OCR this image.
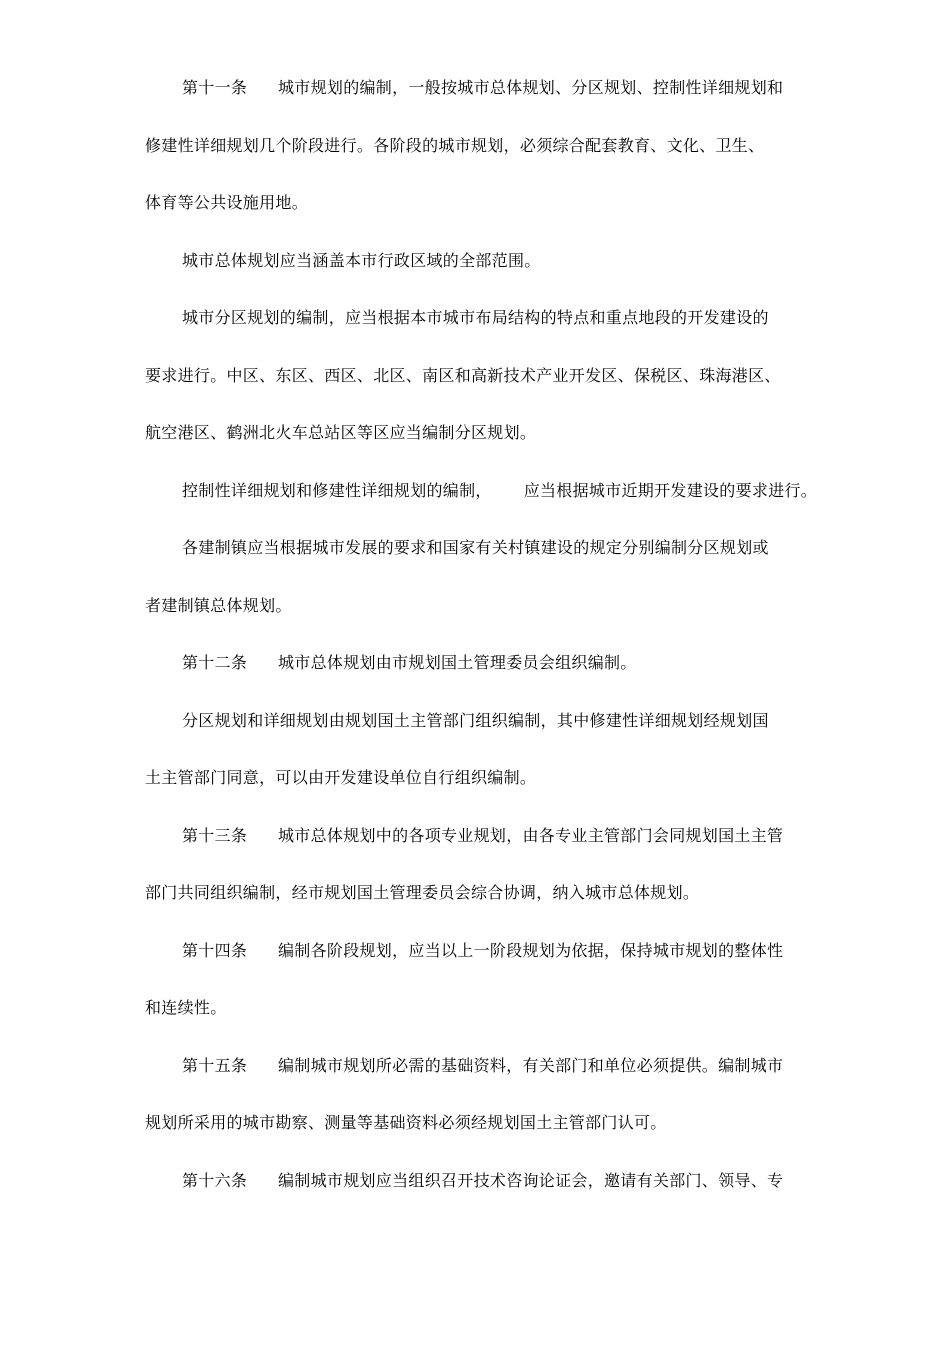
第十一条 城市规划的编制，一般按城市总体规划、分区规划、控制性详细规划和
修建性详细规划几个阶段进行。各阶段的城市规划，必须综合配套教育、文化、卫生、
体育等公共设施用地。
城市总体规划应当涵盖本市行政区域的全部范围。
城市分区规划的编制，应当根据本市城市布局结构的特点和重点地段的开发建设的
要求进行。中区、东区、西区、北区、南区和高新技术产业开发区、保税区、珠海港区、
航空港区、鹤洲北火车总站区等区应当编制分区规划。
控制性详细规划和修建性详细规划的编制， 应当根据城市近期开发建设的要求进行。
各建制镇应当根据城市发展的要求和国家有关村镇建设的规定分别编制分区规划或
者建制镇总体规划。
第十二条 城市总体规划由市规划国土管理委员会组织编制。
分区规划和详细规划由规划国土主管部门组织编制，其中修建性详细规划经规划国
土主管部门同意，可以由开发建设单位自行组织编制。
第十三条 城市总体规划中的各项专业规划，由各专业主管部门会同规划国土主管
部门共同组织编制，经市规划国土管理委员会综合协调，纳入城市总体规划。
第十四条 编制各阶段规划，应当以上一阶段规划为依据，保持城市规划的整体性
和连续性。
第十五条 编制城市规划所必需的基础资料，有关部门和单位必须提供。编制城市
规划所采用的城市勘察、测量等基础资料必须经规划国土主管部门认可。
第十六条 编制城市规划应当组织召开技术咨询论证会，邀请有关部门、领导、专
